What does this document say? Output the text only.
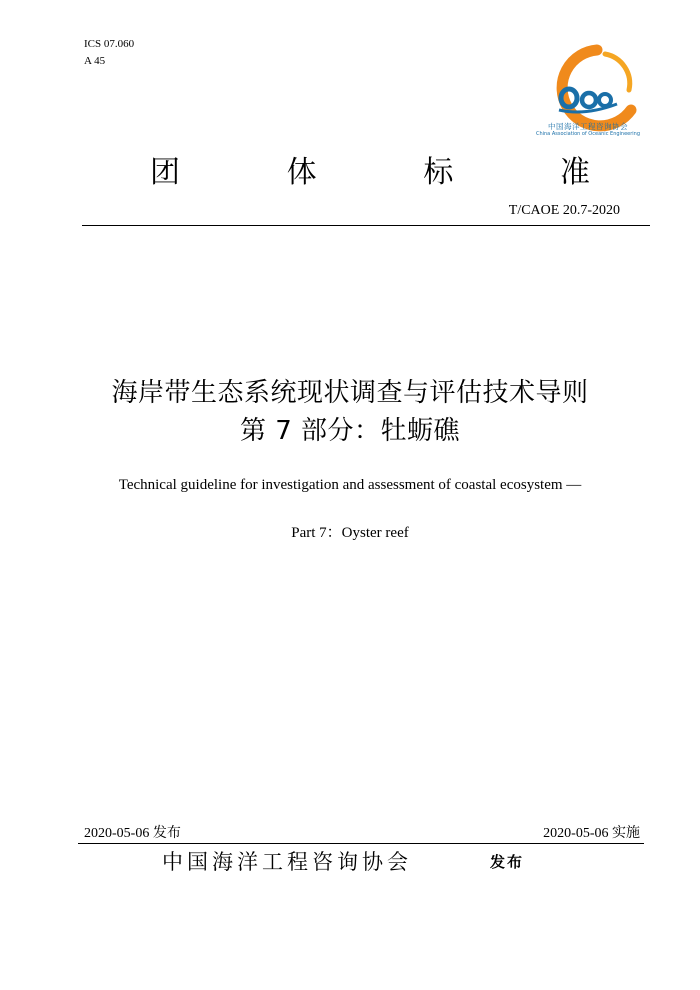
ICS 07.060
A 45
中国海洋工程咨询协会
China Association of Oceanic Engineering
团	体	标	准
T/CAOE 20.7-2020
海岸带生态系统现状调查与评估技术导则
第 7 部分：牡蛎礁
Technical guideline for investigation and assessment of coastal ecosystem —
Part 7：Oyster reef
2020-05-06 发布	2020-05-06 实施
中国海洋工程咨询协会	发布
